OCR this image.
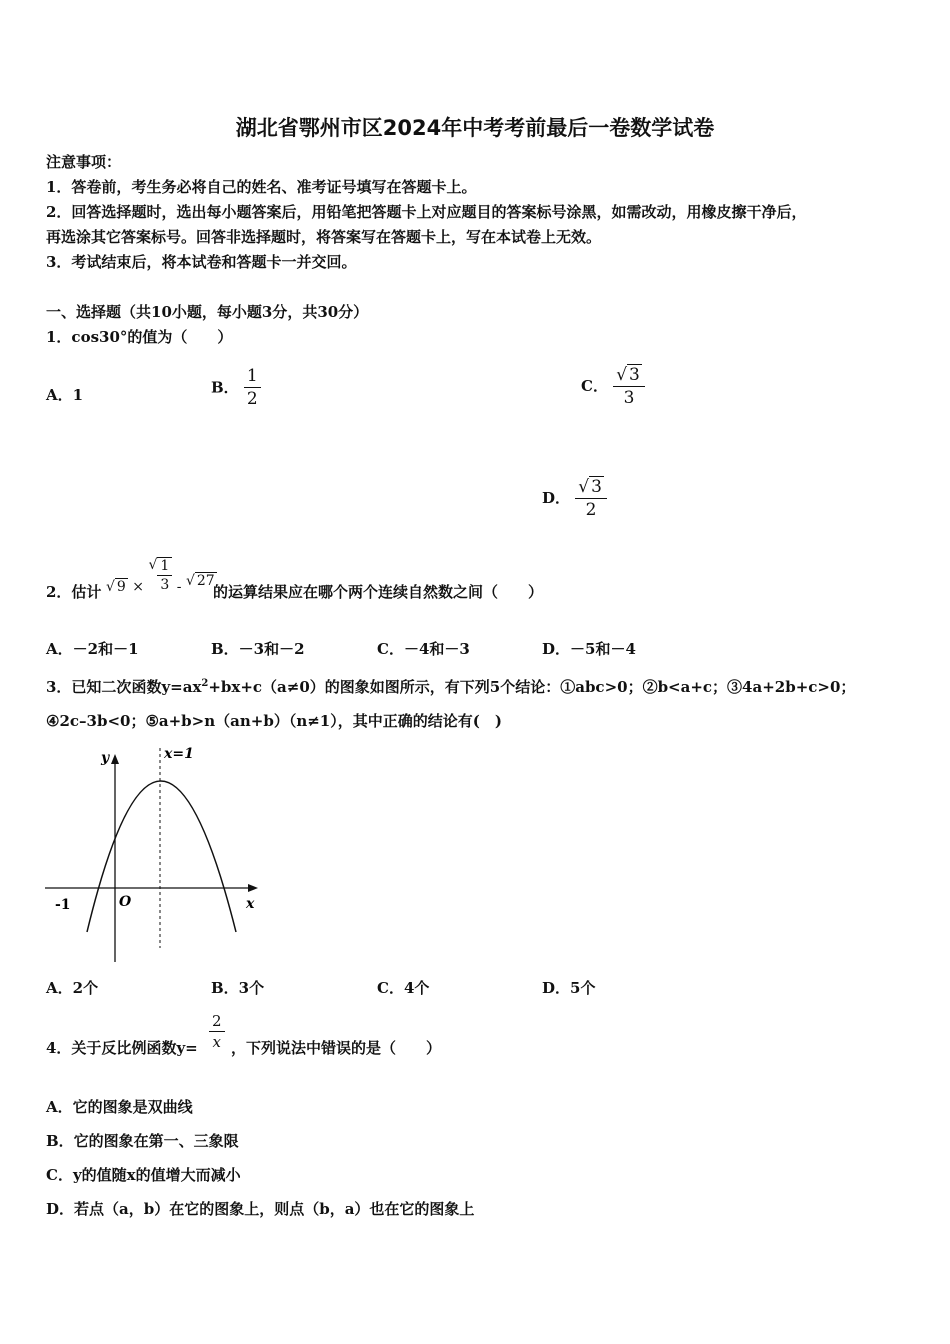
湖北省鄂州市区2024年中考考前最后一卷数学试卷
注意事项：
1．答卷前，考生务必将自己的姓名、准考证号填写在答题卡上。
2．回答选择题时，选出每小题答案后，用铅笔把答题卡上对应题目的答案标号涂黑，如需改动，用橡皮擦干净后，
再选涂其它答案标号。回答非选择题时，将答案写在答题卡上，写在本试卷上无效。
3．考试结束后，将本试卷和答题卡一并交回。
一、选择题（共10小题，每小题3分，共30分）
1．cos30°的值为（　　）
A．1	B． $\frac{1}{2}$	C． $\frac{√ 3}{3}$
D． $\frac{√ 3}{2}$
2．估计 √ 9 × √ $\frac{1}{3}$ - √ 27
的运算结果应在哪个两个连续自然数之间（　　）
A．－2和－1	B．－3和－2	C．－4和－3	D．－5和－4
3．已知二次函数$y=ax^2+bx+c(a\ne 0)$的图象如图所示，有下列5个结论：①abc>0；②b<a+c；③4a+2b+c>0；
④2c–3b<0；⑤a+b>n（an+b）（n≠1），其中正确的结论有(　)
y
x
O
-1
x=1
A．2个	B．3个	C．4个	D．5个
4．关于反比例函数$y= \frac{2}{x}$ ，下列说法中错误的是（　　）
A．它的图象是双曲线
B．它的图象在第一、三象限
C．y的值随x的值增大而减小
D．若点（a，b）在它的图象上，则点（b，a）也在它的图象上
